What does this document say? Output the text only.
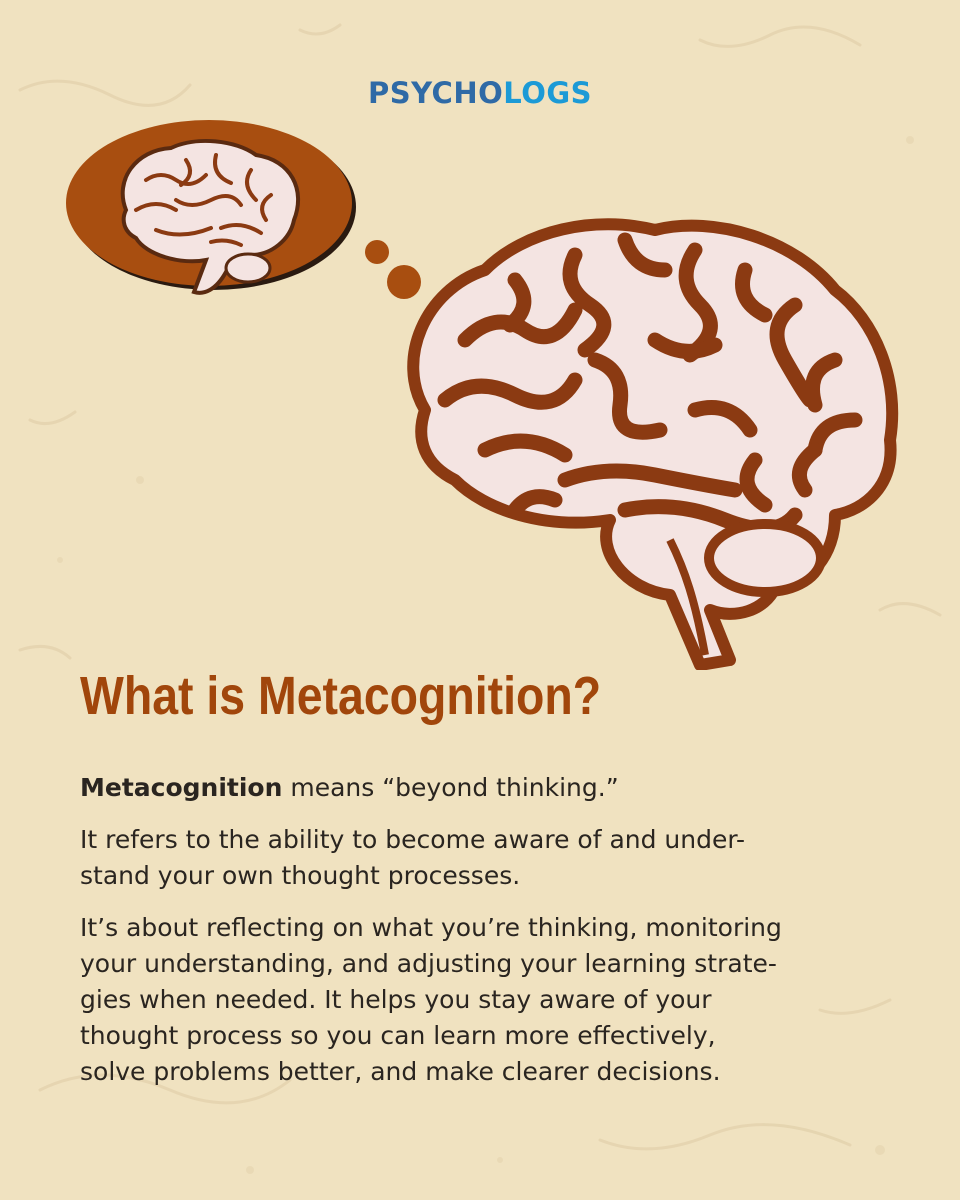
PSYCHOLOGS
What is Metacognition?

Metacognition means “beyond thinking.”

It refers to the ability to become aware of and under-
stand your own thought processes.

It’s about reflecting on what you’re thinking, monitoring
your understanding, and adjusting your learning strate-
gies when needed. It helps you stay aware of your
thought process so you can learn more effectively,
solve problems better, and make clearer decisions.
